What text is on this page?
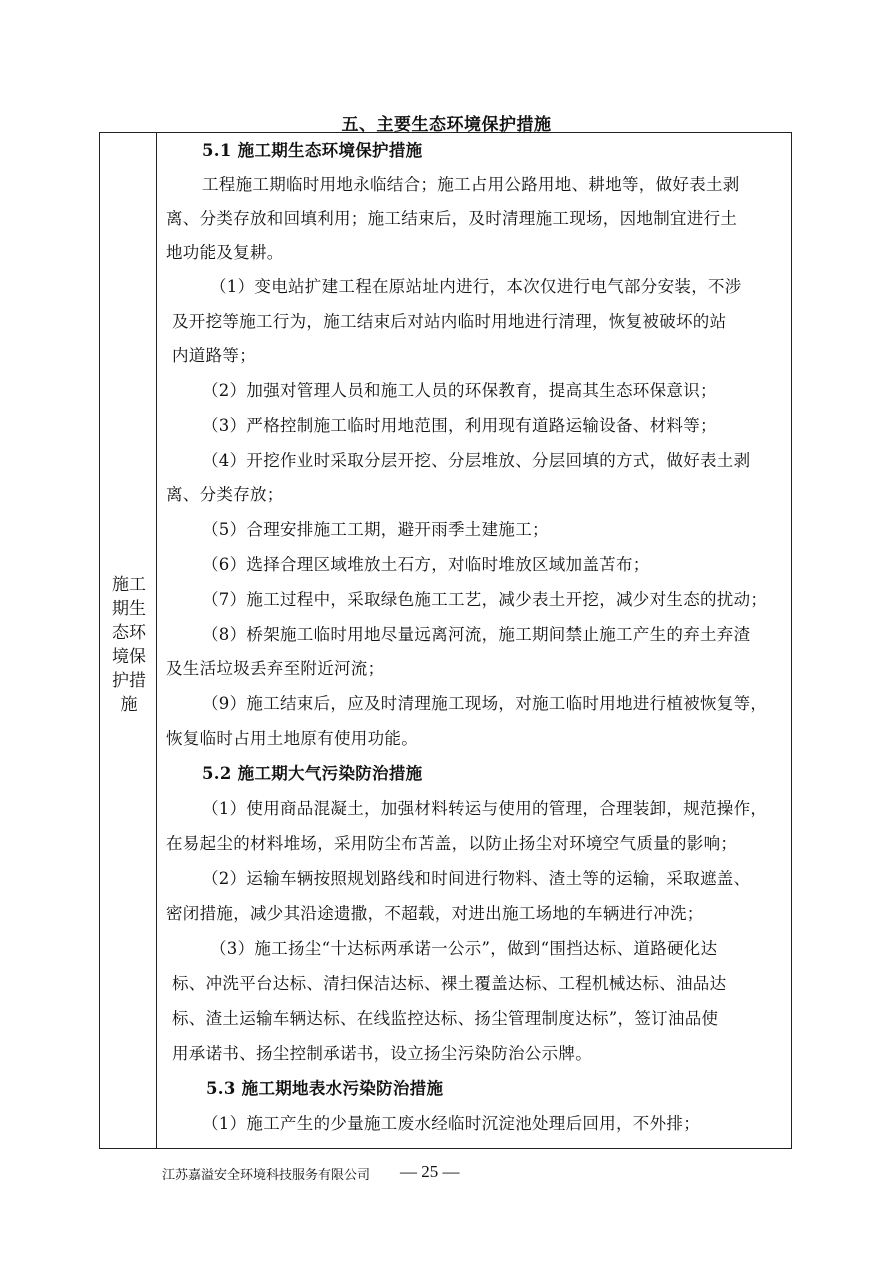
五、主要生态环境保护措施
施工期生态环境保护措施
5.1 施工期生态环境保护措施
工程施工期临时用地永临结合；施工占用公路用地、耕地等，做好表土剥
离、分类存放和回填利用；施工结束后，及时清理施工现场，因地制宜进行土
地功能及复耕。
（1）变电站扩建工程在原站址内进行，本次仅进行电气部分安装，不涉
及开挖等施工行为，施工结束后对站内临时用地进行清理，恢复被破坏的站
内道路等；
（2）加强对管理人员和施工人员的环保教育，提高其生态环保意识；
（3）严格控制施工临时用地范围，利用现有道路运输设备、材料等；
（4）开挖作业时采取分层开挖、分层堆放、分层回填的方式，做好表土剥
离、分类存放；
（5）合理安排施工工期，避开雨季土建施工；
（6）选择合理区域堆放土石方，对临时堆放区域加盖苫布；
（7）施工过程中，采取绿色施工工艺，减少表土开挖，减少对生态的扰动；
（8）桥架施工临时用地尽量远离河流，施工期间禁止施工产生的弃土弃渣
及生活垃圾丢弃至附近河流；
（9）施工结束后，应及时清理施工现场，对施工临时用地进行植被恢复等，
恢复临时占用土地原有使用功能。
5.2 施工期大气污染防治措施
（1）使用商品混凝土，加强材料转运与使用的管理，合理装卸，规范操作，
在易起尘的材料堆场，采用防尘布苫盖，以防止扬尘对环境空气质量的影响；
（2）运输车辆按照规划路线和时间进行物料、渣土等的运输，采取遮盖、
密闭措施，减少其沿途遗撒，不超载，对进出施工场地的车辆进行冲洗；
（3）施工扬尘“十达标两承诺一公示”，做到“围挡达标、道路硬化达
标、冲洗平台达标、清扫保洁达标、裸土覆盖达标、工程机械达标、油品达
标、渣土运输车辆达标、在线监控达标、扬尘管理制度达标”，签订油品使
用承诺书、扬尘控制承诺书，设立扬尘污染防治公示牌。
5.3 施工期地表水污染防治措施
（1）施工产生的少量施工废水经临时沉淀池处理后回用，不外排；
江苏嘉溢安全环境科技服务有限公司 — 25 —
